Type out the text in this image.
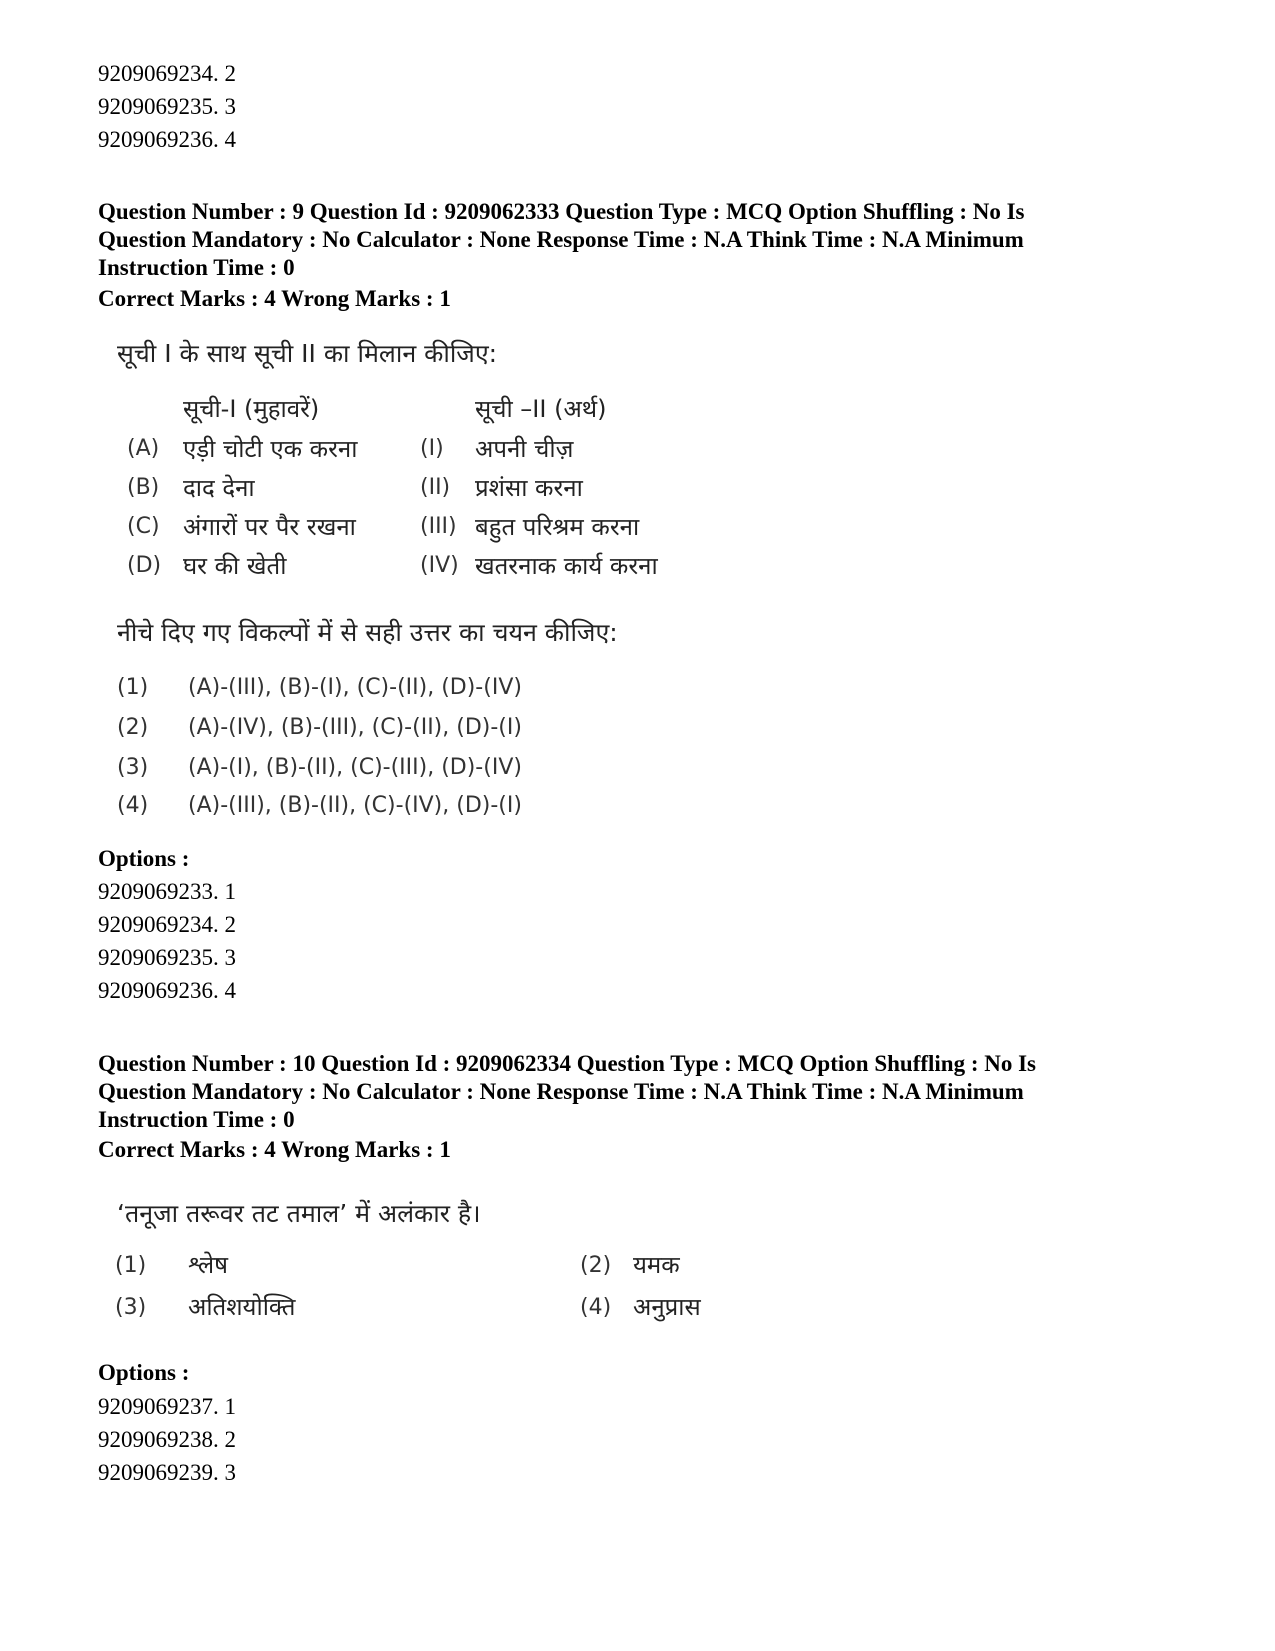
9209069234. 2
9209069235. 3
9209069236. 4
Question Number : 9 Question Id : 9209062333 Question Type : MCQ Option Shuffling : No Is
Question Mandatory : No Calculator : None Response Time : N.A Think Time : N.A Minimum
Instruction Time : 0
Correct Marks : 4 Wrong Marks : 1
सूची I के साथ सूची II का मिलान कीजिए:
सूची-I (मुहावरें)	सूची –II (अर्थ)
(A) एड़ी चोटी एक करना	(I) अपनी चीज़
(B) दाद देना	(II) प्रशंसा करना
(C) अंगारों पर पैर रखना	(III) बहुत परिश्रम करना
(D) घर की खेती	(IV) खतरनाक कार्य करना
नीचे दिए गए विकल्पों में से सही उत्तर का चयन कीजिए:
(1) (A)-(III), (B)-(I), (C)-(II), (D)-(IV)
(2) (A)-(IV), (B)-(III), (C)-(II), (D)-(I)
(3) (A)-(I), (B)-(II), (C)-(III), (D)-(IV)
(4) (A)-(III), (B)-(II), (C)-(IV), (D)-(I)
Options :
9209069233. 1
9209069234. 2
9209069235. 3
9209069236. 4
Question Number : 10 Question Id : 9209062334 Question Type : MCQ Option Shuffling : No Is
Question Mandatory : No Calculator : None Response Time : N.A Think Time : N.A Minimum
Instruction Time : 0
Correct Marks : 4 Wrong Marks : 1
‘तनूजा तरूवर तट तमाल’ में अलंकार है।
(1) श्लेष	(2) यमक
(3) अतिशयोक्ति	(4) अनुप्रास
Options :
9209069237. 1
9209069238. 2
9209069239. 3
